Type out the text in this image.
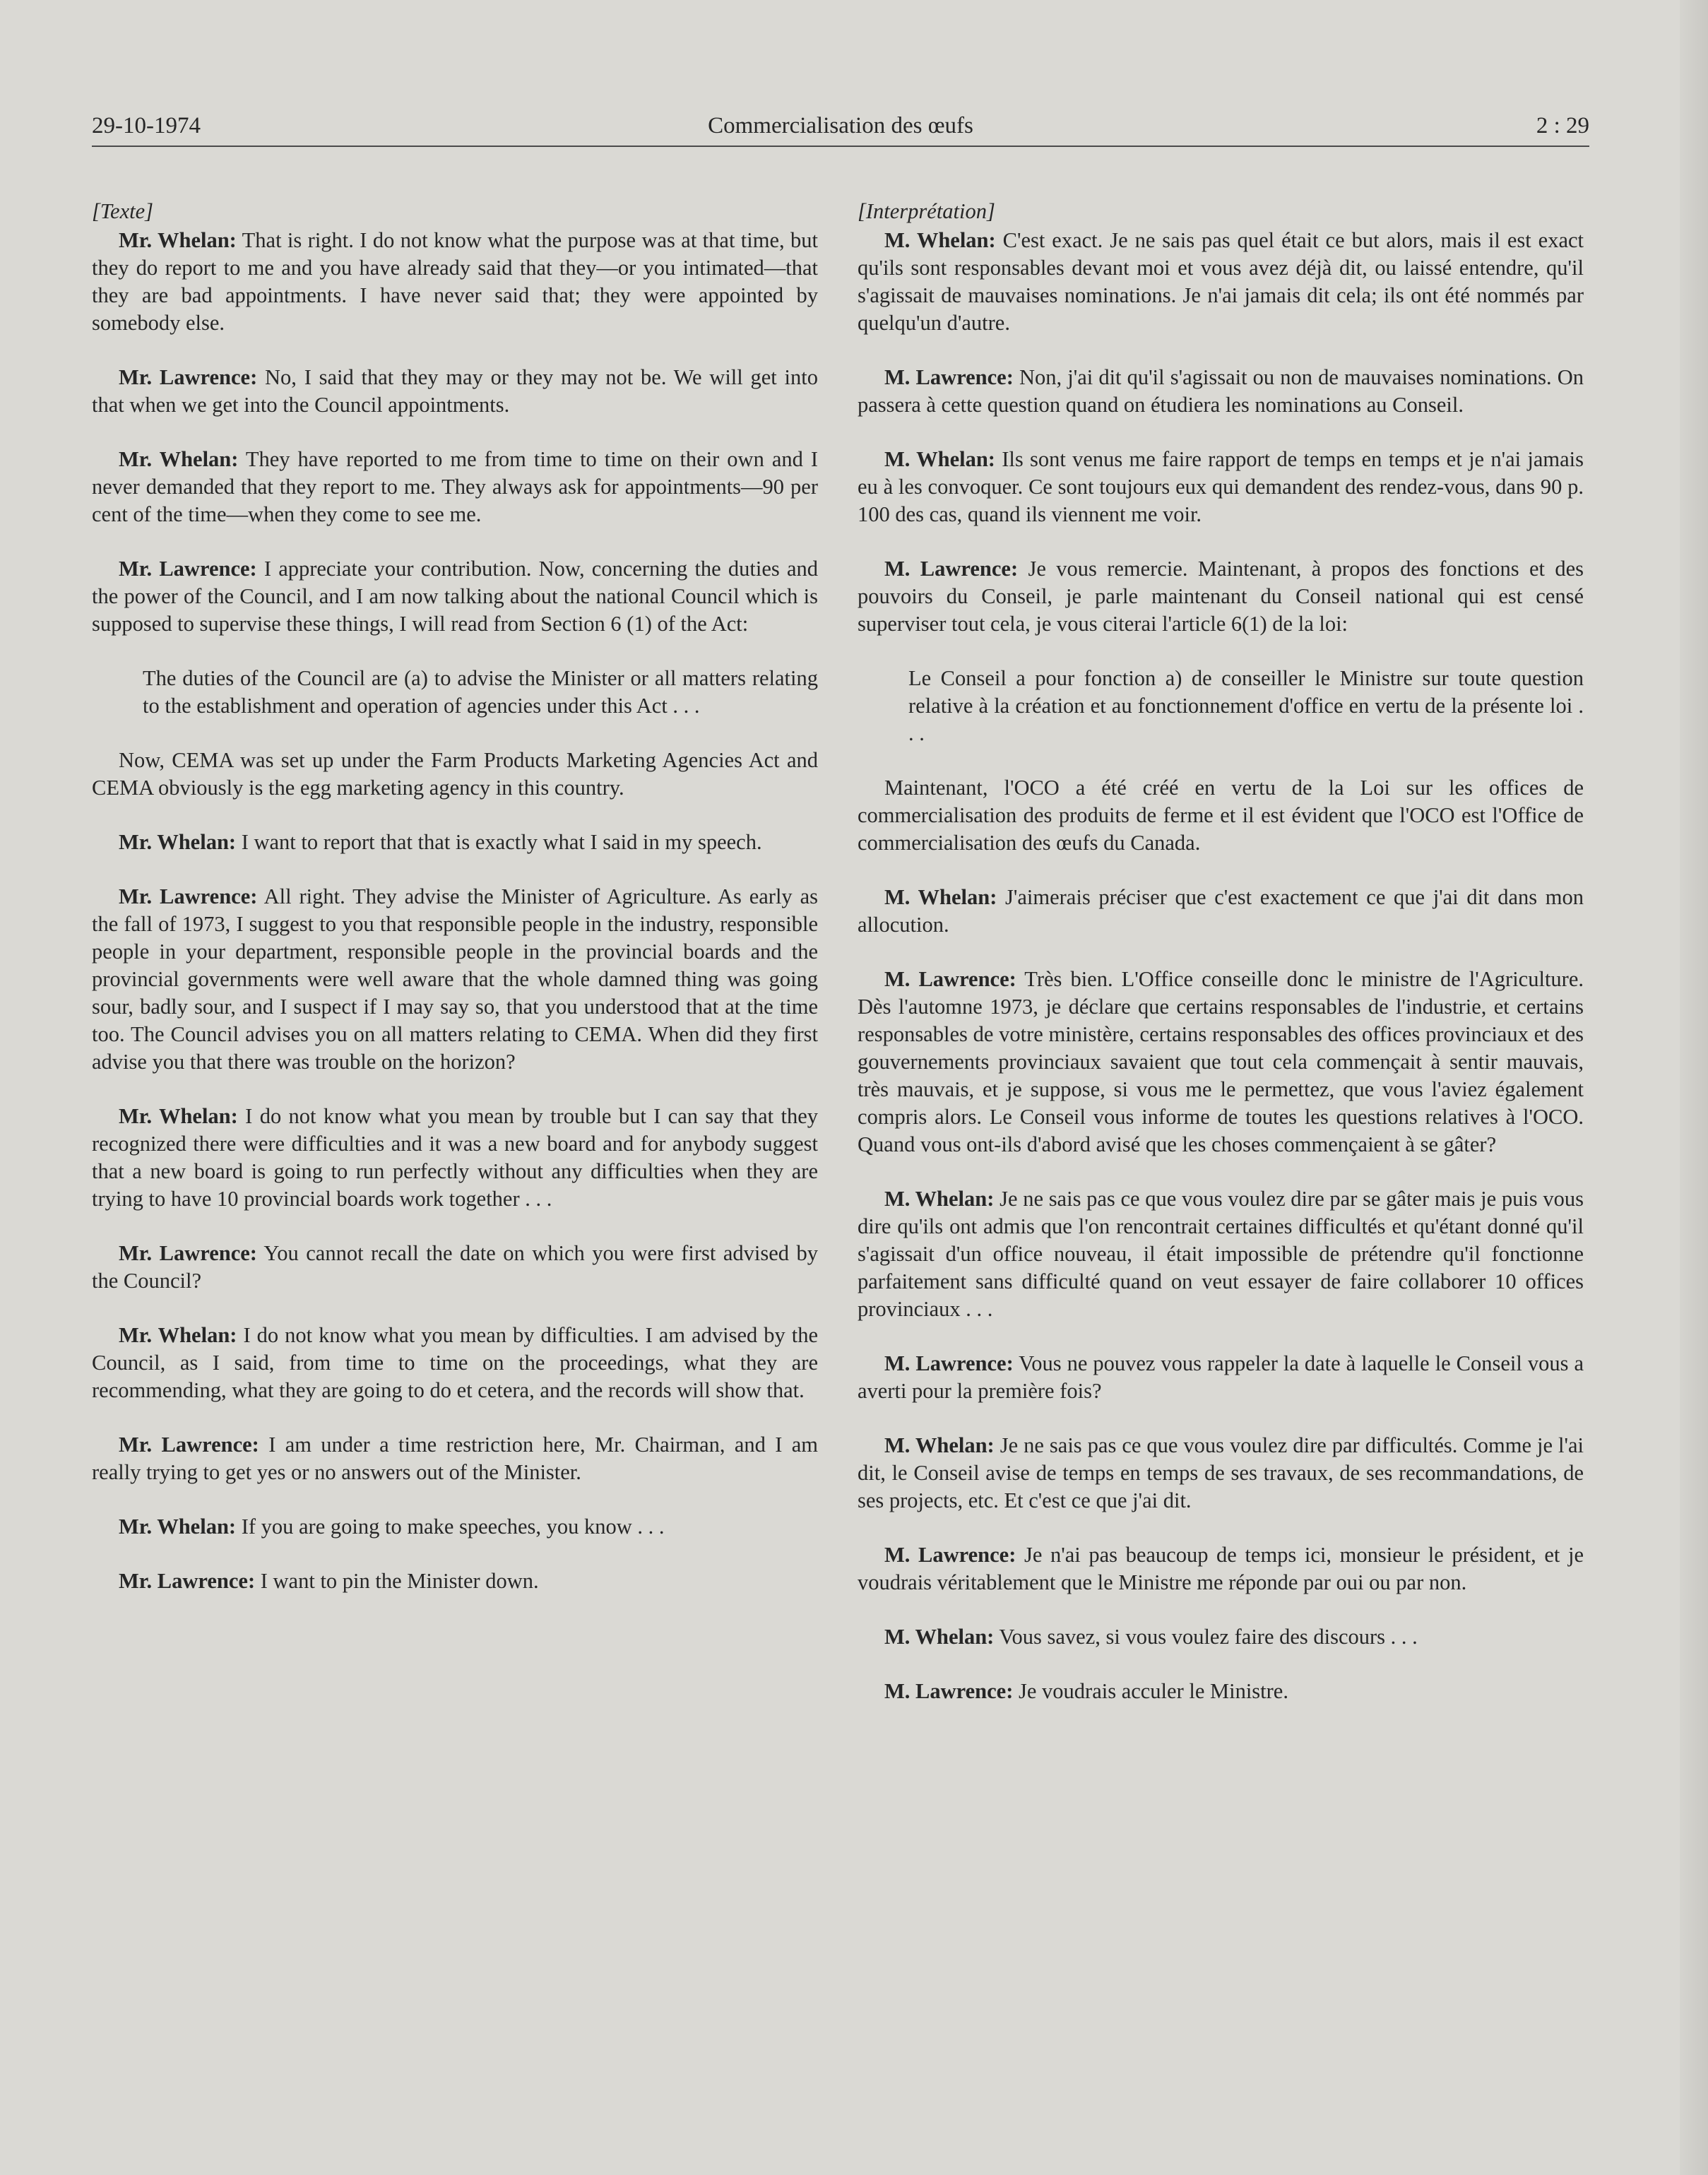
29-10-1974	Commercialisation des œufs	2 : 29
[Texte]
Mr. Whelan: That is right. I do not know what the purpose was at that time, but they do report to me and you have already said that they—or you intimated—that they are bad appointments. I have never said that; they were appointed by somebody else.
Mr. Lawrence: No, I said that they may or they may not be. We will get into that when we get into the Council appointments.
Mr. Whelan: They have reported to me from time to time on their own and I never demanded that they report to me. They always ask for appointments—90 per cent of the time—when they come to see me.
Mr. Lawrence: I appreciate your contribution. Now, concerning the duties and the power of the Council, and I am now talking about the national Council which is supposed to supervise these things, I will read from Section 6 (1) of the Act:
The duties of the Council are (a) to advise the Minister or all matters relating to the establishment and operation of agencies under this Act . . .
Now, CEMA was set up under the Farm Products Marketing Agencies Act and CEMA obviously is the egg marketing agency in this country.
Mr. Whelan: I want to report that that is exactly what I said in my speech.
Mr. Lawrence: All right. They advise the Minister of Agriculture. As early as the fall of 1973, I suggest to you that responsible people in the industry, responsible people in your department, responsible people in the provincial boards and the provincial governments were well aware that the whole damned thing was going sour, badly sour, and I suspect if I may say so, that you understood that at the time too. The Council advises you on all matters relating to CEMA. When did they first advise you that there was trouble on the horizon?
Mr. Whelan: I do not know what you mean by trouble but I can say that they recognized there were difficulties and it was a new board and for anybody suggest that a new board is going to run perfectly without any difficulties when they are trying to have 10 provincial boards work together . . .
Mr. Lawrence: You cannot recall the date on which you were first advised by the Council?
Mr. Whelan: I do not know what you mean by difficulties. I am advised by the Council, as I said, from time to time on the proceedings, what they are recommending, what they are going to do et cetera, and the records will show that.
Mr. Lawrence: I am under a time restriction here, Mr. Chairman, and I am really trying to get yes or no answers out of the Minister.
Mr. Whelan: If you are going to make speeches, you know . . .
Mr. Lawrence: I want to pin the Minister down.
[Interprétation]
M. Whelan: C'est exact. Je ne sais pas quel était ce but alors, mais il est exact qu'ils sont responsables devant moi et vous avez déjà dit, ou laissé entendre, qu'il s'agissait de mauvaises nominations. Je n'ai jamais dit cela; ils ont été nommés par quelqu'un d'autre.
M. Lawrence: Non, j'ai dit qu'il s'agissait ou non de mauvaises nominations. On passera à cette question quand on étudiera les nominations au Conseil.
M. Whelan: Ils sont venus me faire rapport de temps en temps et je n'ai jamais eu à les convoquer. Ce sont toujours eux qui demandent des rendez-vous, dans 90 p. 100 des cas, quand ils viennent me voir.
M. Lawrence: Je vous remercie. Maintenant, à propos des fonctions et des pouvoirs du Conseil, je parle maintenant du Conseil national qui est censé superviser tout cela, je vous citerai l'article 6(1) de la loi:
Le Conseil a pour fonction a) de conseiller le Ministre sur toute question relative à la création et au fonctionnement d'office en vertu de la présente loi . . .
Maintenant, l'OCO a été créé en vertu de la Loi sur les offices de commercialisation des produits de ferme et il est évident que l'OCO est l'Office de commercialisation des œufs du Canada.
M. Whelan: J'aimerais préciser que c'est exactement ce que j'ai dit dans mon allocution.
M. Lawrence: Très bien. L'Office conseille donc le ministre de l'Agriculture. Dès l'automne 1973, je déclare que certains responsables de l'industrie, et certains responsables de votre ministère, certains responsables des offices provinciaux et des gouvernements provinciaux savaient que tout cela commençait à sentir mauvais, très mauvais, et je suppose, si vous me le permettez, que vous l'aviez également compris alors. Le Conseil vous informe de toutes les questions relatives à l'OCO. Quand vous ont-ils d'abord avisé que les choses commençaient à se gâter?
M. Whelan: Je ne sais pas ce que vous voulez dire par se gâter mais je puis vous dire qu'ils ont admis que l'on rencontrait certaines difficultés et qu'étant donné qu'il s'agissait d'un office nouveau, il était impossible de prétendre qu'il fonctionne parfaitement sans difficulté quand on veut essayer de faire collaborer 10 offices provinciaux . . .
M. Lawrence: Vous ne pouvez vous rappeler la date à laquelle le Conseil vous a averti pour la première fois?
M. Whelan: Je ne sais pas ce que vous voulez dire par difficultés. Comme je l'ai dit, le Conseil avise de temps en temps de ses travaux, de ses recommandations, de ses projects, etc. Et c'est ce que j'ai dit.
M. Lawrence: Je n'ai pas beaucoup de temps ici, monsieur le président, et je voudrais véritablement que le Ministre me réponde par oui ou par non.
M. Whelan: Vous savez, si vous voulez faire des discours . . .
M. Lawrence: Je voudrais acculer le Ministre.
